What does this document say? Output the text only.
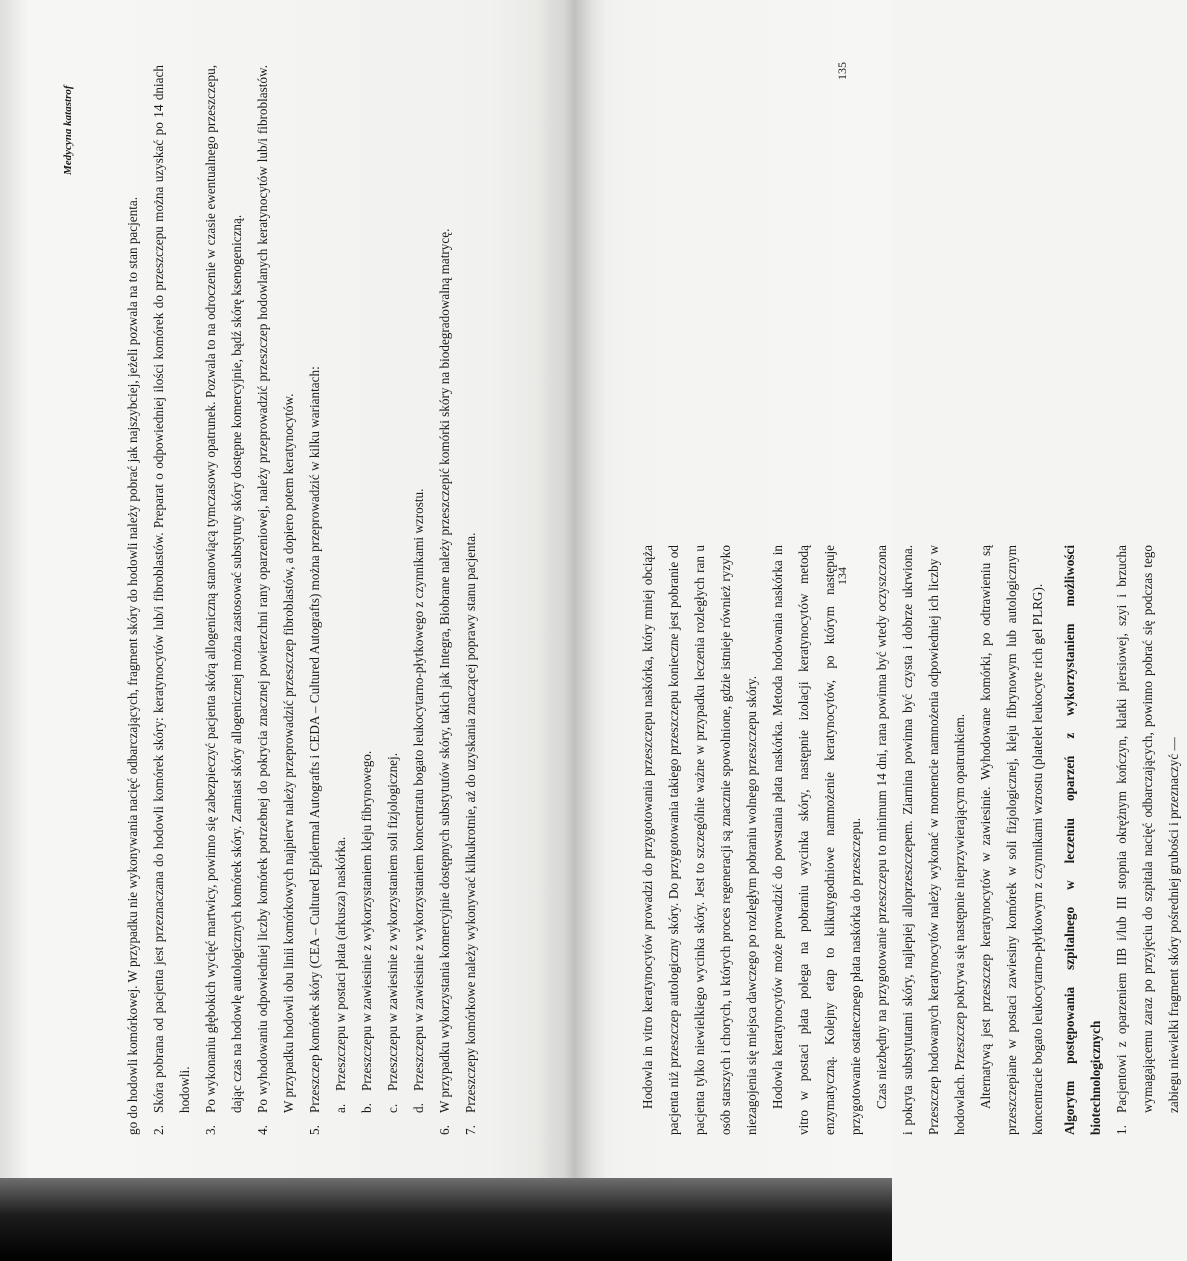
Medycyna katastrof
135
134

go do hodowli komórkowej. W przypadku nie wykonywania nacięć odbarczających, fragment skóry do hodowli należy pobrać jak najszybciej, jeżeli pozwala na to stan pacjenta. 2.
Skóra pobrana od pacjenta jest przeznaczana do hodowli komórek skóry: keratynocytów lub/i fibroblastów. Preparat o odpowiedniej ilości komórek do przeszczepu można uzyskać po 14 dniach hodowli.
3.
Po wykonaniu głębokich wycięć martwicy, powinno się zabezpieczyć pacjenta skórą allogeniczną stanowiącą tymczasowy opatrunek. Pozwala to na odroczenie w czasie ewentualnego przeszczepu, dając czas na hodowlę autologicznych komórek skóry. Zamiast skóry allogenicznej można zastosować substytuty skóry dostępne komercyjnie, bądź skórę ksenogeniczną.
4.
Po wyhodowaniu odpowiedniej liczby komórek potrzebnej do pokrycia znacznej powierzchni rany oparzeniowej, należy przeprowadzić przeszczep hodowlanych keratynocytów lub/i fibroblastów. W przypadku hodowli obu linii komórkowych najpierw należy przeprowadzić przeszczep fibroblastów, a dopiero potem keratynocytów.
5.
Przeszczep komórek skóry (CEA – Cultured Epidermal Autografts i CEDA – Cultured Autografts) można przeprowadzić w kilku wariantach: a.
Przeszczepu w postaci płata (arkusza) naskórka.
b.
Przeszczepu w zawiesinie z wykorzystaniem kleju fibrynowego.
c.
Przeszczepu w zawiesinie z wykorzystaniem soli fizjologicznej.
d.
Przeszczepu w zawiesinie z wykorzystaniem koncentratu bogato leukocytarno-płytkowego z czynnikami wzrostu.
6.
W przypadku wykorzystania komercyjnie dostępnych substytutów skóry, takich jak Integra, Biobrane należy przeszczepić komórki skóry na biodegradowalną matrycę.
7.
Przeszczepy komórkowe należy wykonywać kilkukrotnie, aż do uzyskania znaczącej poprawy stanu pacjenta.	Hodowla in vitro keratynocytów prowadzi do przygotowania przeszczepu naskórka, który mniej obciąża pacjenta niż przeszczep autologiczny skóry. Do przygotowania takiego przeszczepu konieczne jest pobranie od pacjenta tylko niewielkiego wycinka skóry. Jest to szczególnie ważne w przypadku leczenia rozległych ran u osób starszych i chorych, u których proces regeneracji są znacznie spowolnione, gdzie istnieje również ryzyko niezagojenia się miejsca dawczego po rozległym pobraniu wolnego przeszczepu skóry. Hodowla keratynocytów może prowadzić do powstania płata naskórka. Metoda hodowania naskórka in vitro w postaci płata polega na pobraniu wycinka skóry, następnie izolacji keratynocytów metodą enzymatyczną. Kolejny etap to kilkutygodniowe namnożenie keratynocytów, po którym następuje przygotowanie ostatecznego płata naskórka do przeszczepu. Czas niezbędny na przygotowanie przeszczepu to minimum 14 dni, rana powinna być wtedy oczyszczona i pokryta substytutami skóry, najlepiej alloprzeszczepem. Ziarnina powinna być czysta i dobrze ukrwiona. Przeszczep hodowanych keratynocytów należy wykonać w momencie namnożenia odpowiedniej ich liczby w hodowlach. Przeszczep pokrywa się następnie nieprzywierającym opatrunkiem. Alternatywą jest przeszczep keratynocytów w zawiesinie. Wyhodowane komórki, po odtrawieniu są przeszczepiane w postaci zawiesiny komórek w soli fizjologicznej, kleju fibrynowym lub autologicznym koncentracie bogato leukocytarno-płytkowym z czynnikami wzrostu (platelet leukocyte rich gel PLRG).	Algorytm postępowania szpitalnego w leczeniu oparzeń z wykorzystaniem możliwości biotechnologicznych 1.
Pacjentowi z oparzeniem IIB i/lub III stopnia okrężnym kończyn, klatki piersiowej, szyi i brzucha wymagającemu zaraz po przyjęciu do szpitala nacięć odbarczających, powinno pobrać się podczas tego zabiegu niewielki fragment skóry pośredniej grubości i przeznaczyć —
